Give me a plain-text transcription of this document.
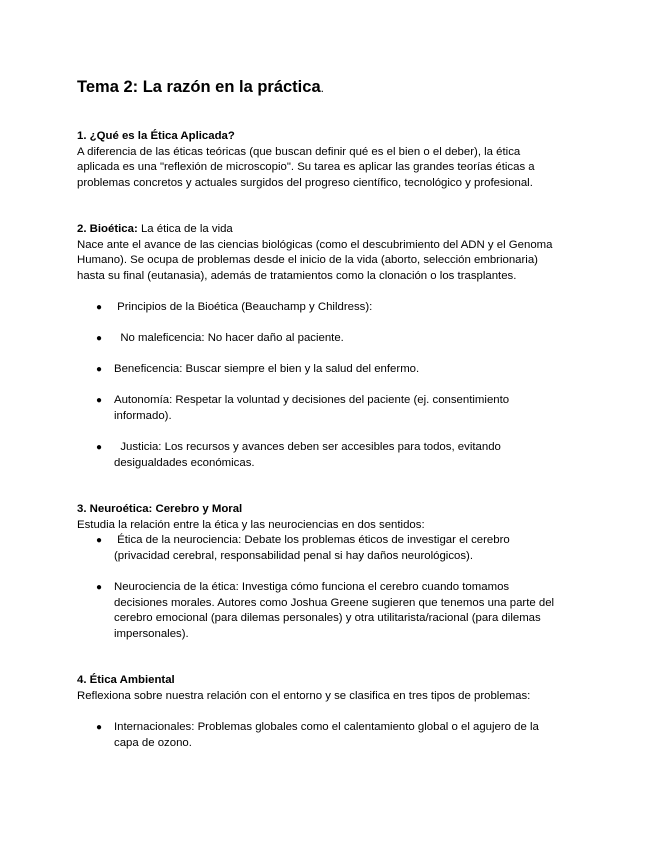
Tema 2: La razón en la práctica.

1. ¿Qué es la Ética Aplicada?

A diferencia de las éticas teóricas (que buscan definir qué es el bien o el deber), la ética

aplicada es una "reflexión de microscopio". Su tarea es aplicar las grandes teorías éticas a

problemas concretos y actuales surgidos del progreso científico, tecnológico y profesional.

2. Bioética: La ética de la vida

Nace ante el avance de las ciencias biológicas (como el descubrimiento del ADN y el Genoma

Humano). Se ocupa de problemas desde el inicio de la vida (aborto, selección embrionaria)

hasta su final (eutanasia), además de tratamientos como la clonación o los trasplantes.

● Principios de la Bioética (Beauchamp y Childress):
● No maleficencia: No hacer daño al paciente.
● Beneficencia: Buscar siempre el bien y la salud del enfermo.
● Autonomía: Respetar la voluntad y decisiones del paciente (ej. consentimiento
informado).
● Justicia: Los recursos y avances deben ser accesibles para todos, evitando
desigualdades económicas.

3. Neuroética: Cerebro y Moral

Estudia la relación entre la ética y las neurociencias en dos sentidos:

● Ética de la neurociencia: Debate los problemas éticos de investigar el cerebro
(privacidad cerebral, responsabilidad penal si hay daños neurológicos).
● Neurociencia de la ética: Investiga cómo funciona el cerebro cuando tomamos
decisiones morales. Autores como Joshua Greene sugieren que tenemos una parte del
cerebro emocional (para dilemas personales) y otra utilitarista/racional (para dilemas
impersonales).

4. Ética Ambiental

Reflexiona sobre nuestra relación con el entorno y se clasifica en tres tipos de problemas:

● Internacionales: Problemas globales como el calentamiento global o el agujero de la
capa de ozono.
